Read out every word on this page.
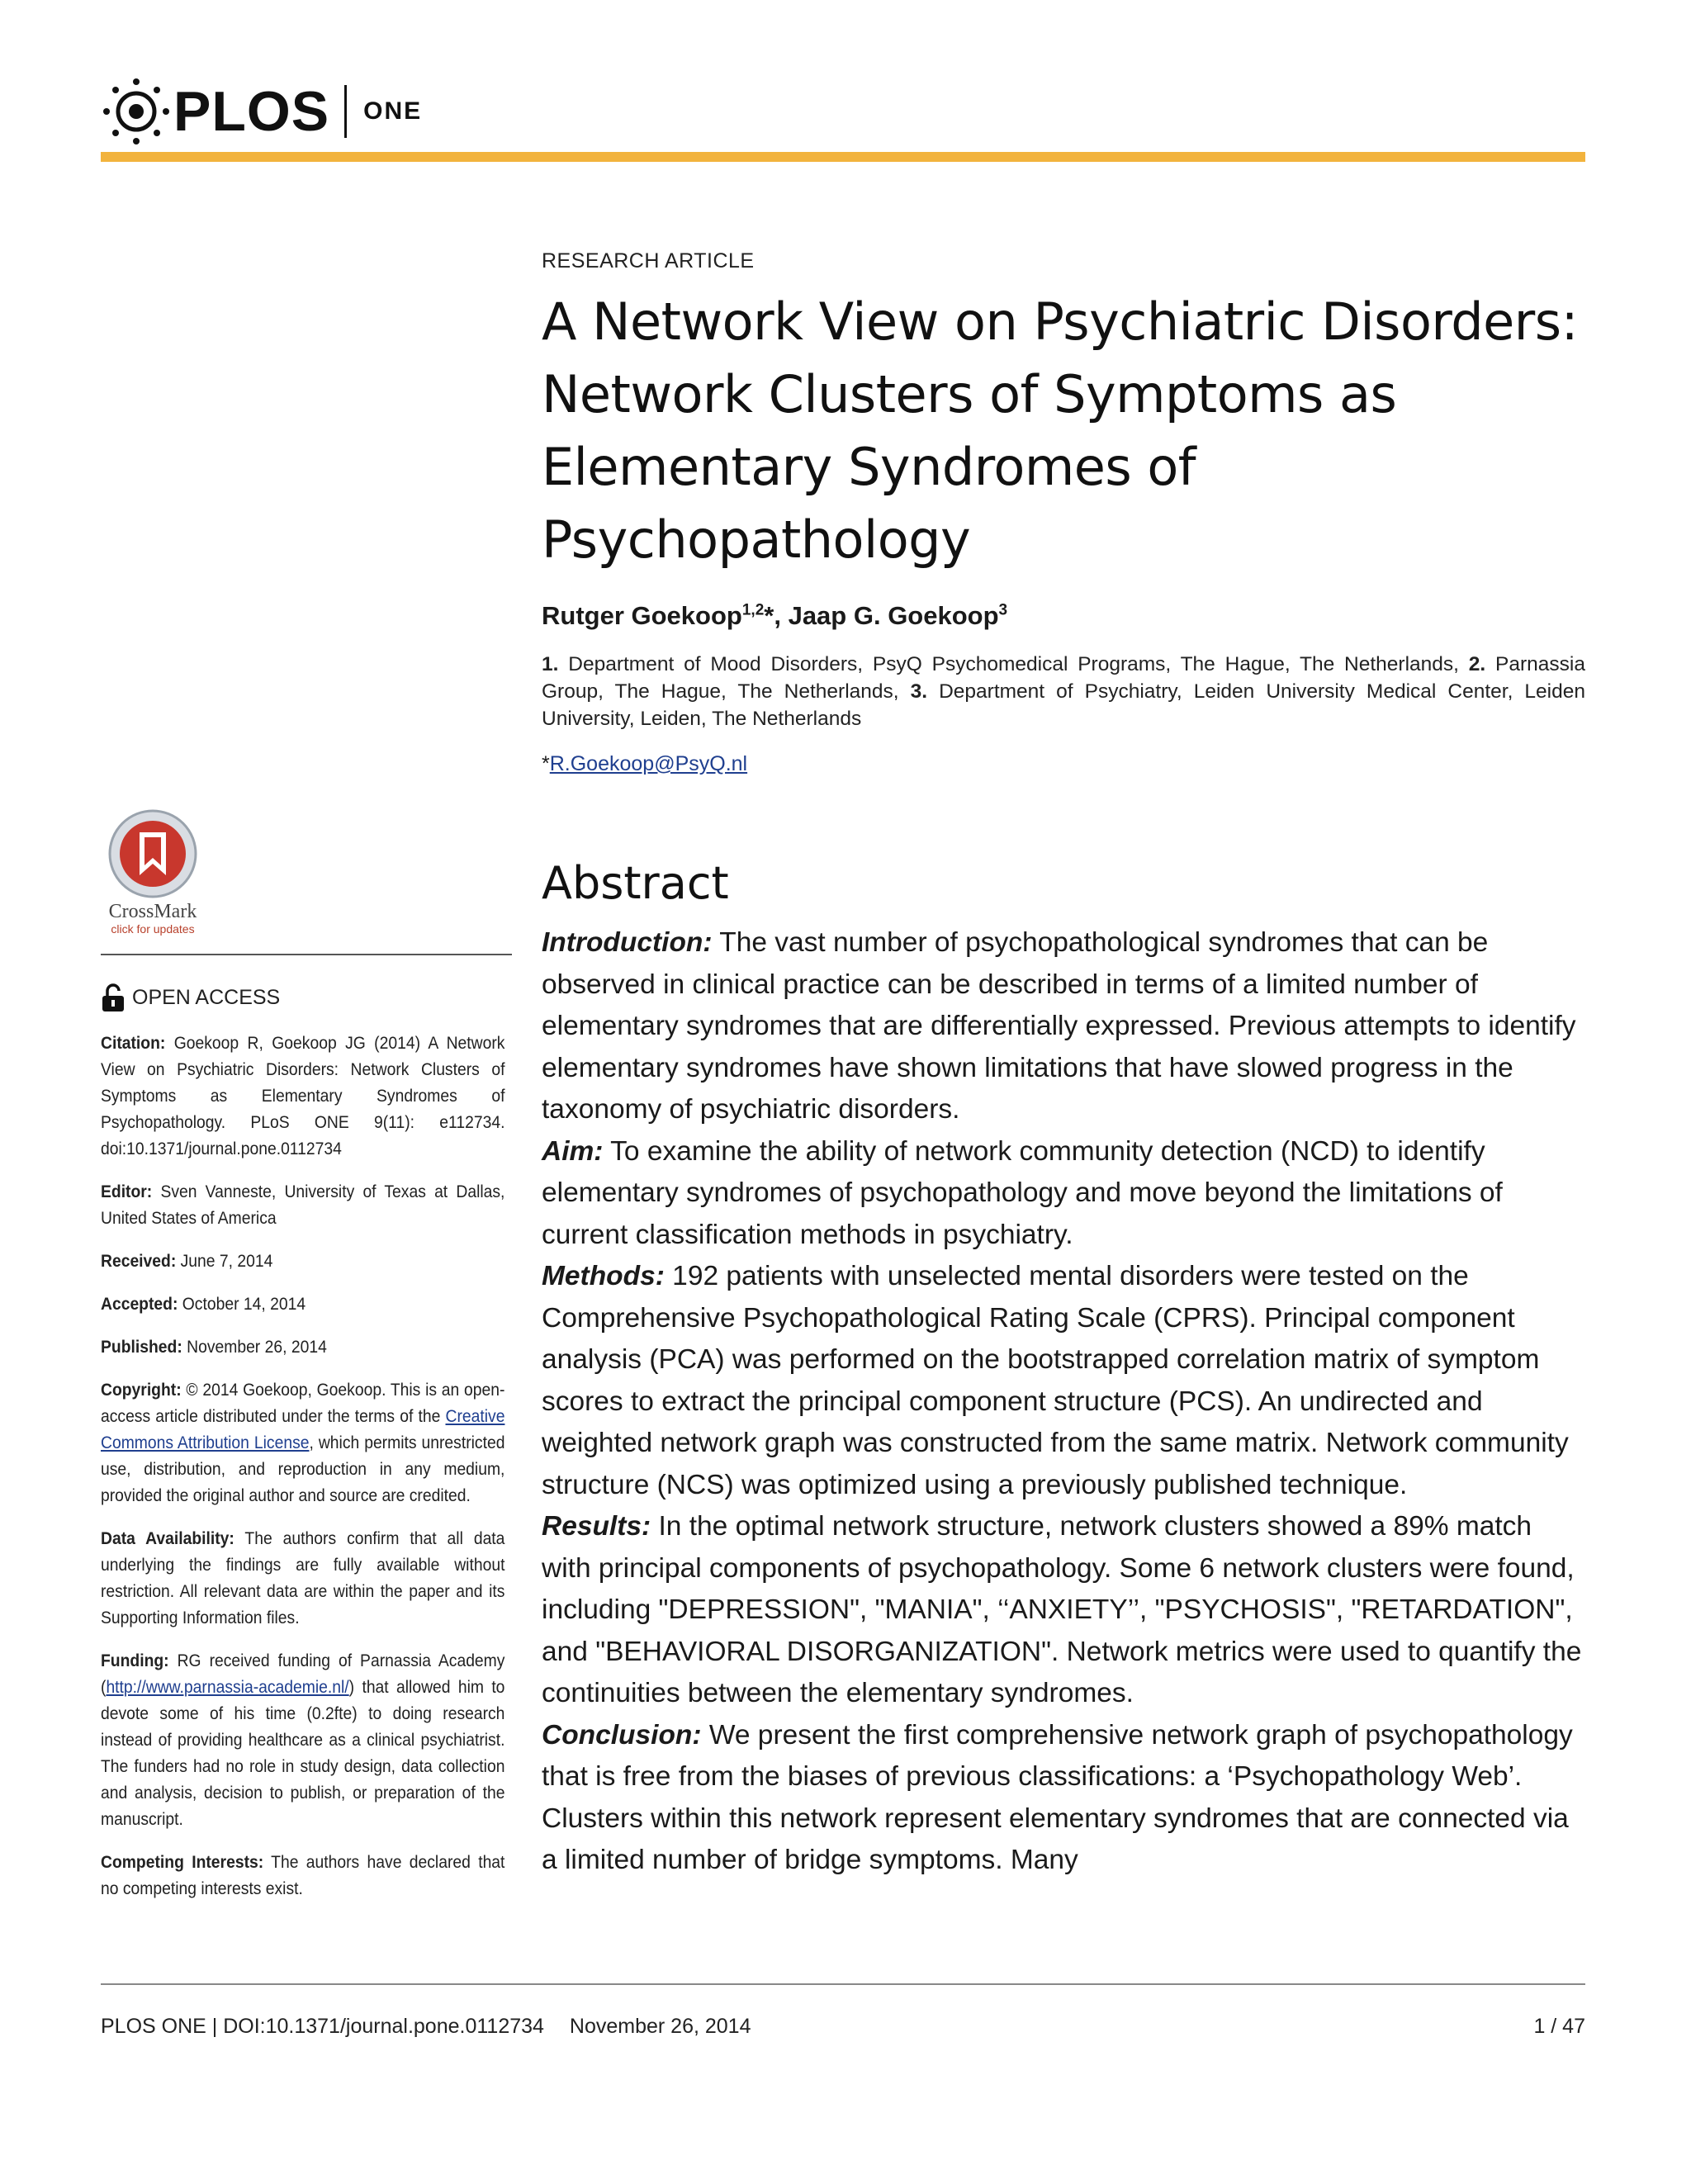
PLOS ONE

RESEARCH ARTICLE

A Network View on Psychiatric Disorders: Network Clusters of Symptoms as Elementary Syndromes of Psychopathology

Rutger Goekoop$^{1,2}$*, Jaap G. Goekoop$^3$

1. Department of Mood Disorders, PsyQ Psychomedical Programs, The Hague, The Netherlands, 2. Parnassia Group, The Hague, The Netherlands, 3. Department of Psychiatry, Leiden University Medical Center, Leiden University, Leiden, The Netherlands

*R.Goekoop@PsyQ.nl

Abstract

Introduction: The vast number of psychopathological syndromes that can be observed in clinical practice can be described in terms of a limited number of elementary syndromes that are differentially expressed. Previous attempts to identify elementary syndromes have shown limitations that have slowed progress in the taxonomy of psychiatric disorders.

Aim: To examine the ability of network community detection (NCD) to identify elementary syndromes of psychopathology and move beyond the limitations of current classification methods in psychiatry.

Methods: 192 patients with unselected mental disorders were tested on the Comprehensive Psychopathological Rating Scale (CPRS). Principal component analysis (PCA) was performed on the bootstrapped correlation matrix of symptom scores to extract the principal component structure (PCS). An undirected and weighted network graph was constructed from the same matrix. Network community structure (NCS) was optimized using a previously published technique.

Results: In the optimal network structure, network clusters showed a 89% match with principal components of psychopathology. Some 6 network clusters were found, including "DEPRESSION", "MANIA", ‘‘ANXIETY’’, "PSYCHOSIS", "RETARDATION", and "BEHAVIORAL DISORGANIZATION". Network metrics were used to quantify the continuities between the elementary syndromes.

Conclusion: We present the first comprehensive network graph of psychopathology that is free from the biases of previous classifications: a ‘Psychopathology Web’. Clusters within this network represent elementary syndromes that are connected via a limited number of bridge symptoms. Many

CrossMark
click for updates
OPEN ACCESS

Citation: Goekoop R, Goekoop JG (2014) A Network View on Psychiatric Disorders: Network Clusters of Symptoms as Elementary Syndromes of Psychopathology. PLoS ONE 9(11): e112734. doi:10.1371/journal.pone.0112734

Editor: Sven Vanneste, University of Texas at Dallas, United States of America

Received: June 7, 2014

Accepted: October 14, 2014

Published: November 26, 2014

Copyright: © 2014 Goekoop, Goekoop. This is an open-access article distributed under the terms of the Creative Commons Attribution License, which permits unrestricted use, distribution, and reproduction in any medium, provided the original author and source are credited.

Data Availability: The authors confirm that all data underlying the findings are fully available without restriction. All relevant data are within the paper and its Supporting Information files.

Funding: RG received funding of Parnassia Academy (http://www.parnassia-academie.nl/) that allowed him to devote some of his time (0.2fte) to doing research instead of providing healthcare as a clinical psychiatrist. The funders had no role in study design, data collection and analysis, decision to publish, or preparation of the manuscript.

Competing Interests: The authors have declared that no competing interests exist.

PLOS ONE | DOI:10.1371/journal.pone.0112734 November 26, 2014	1 / 47
